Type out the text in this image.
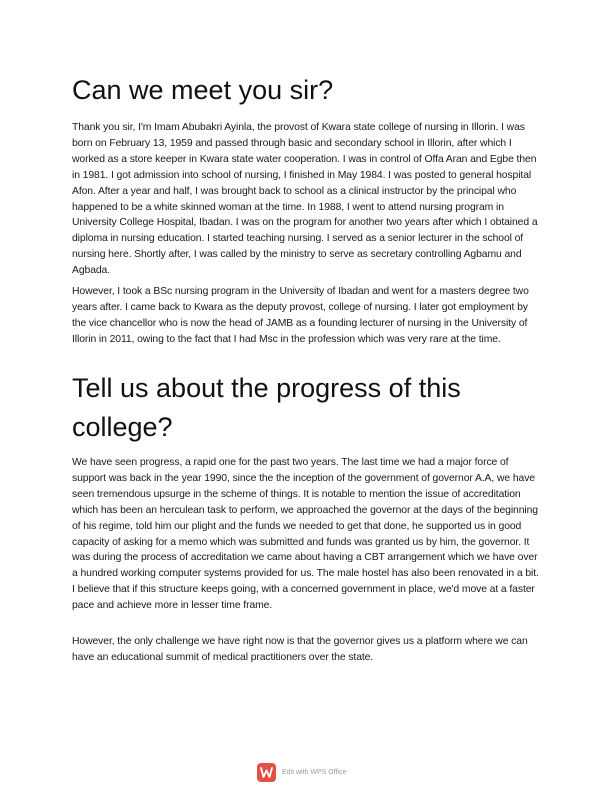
Can we meet you sir?

Thank you sir, I'm Imam Abubakri Ayinla, the provost of Kwara state college of nursing in Illorin. I was born on February 13, 1959 and passed through basic and secondary school in Illorin, after which I worked as a store keeper in Kwara state water cooperation. I was in control of Offa Aran and Egbe then in 1981. I got admission into school of nursing, I finished in May 1984. I was posted to general hospital Afon. After a year and half, I was brought back to school as a clinical instructor by the principal who happened to be a white skinned woman at the time. In 1988, I went to attend nursing program in University College Hospital, Ibadan. I was on the program for another two years after which I obtained a diploma in nursing education. I started teaching nursing. I served as a senior lecturer in the school of nursing here. Shortly after, I was called by the ministry to serve as secretary controlling Agbamu and Agbada.

However, I took a BSc nursing program in the University of Ibadan and went for a masters degree two years after. I came back to Kwara as the deputy provost, college of nursing. I later got employment by the vice chancellor who is now the head of JAMB as a founding lecturer of nursing in the University of Illorin in 2011, owing to the fact that I had Msc in the profession which was very rare at the time.

Tell us about the progress of this college?

We have seen progress, a rapid one for the past two years. The last time we had a major force of support was back in the year 1990, since the the inception of the government of governor A.A, we have seen tremendous upsurge in the scheme of things. It is notable to mention the issue of accreditation which has been an herculean task to perform, we approached the governor at the days of the beginning of his regime, told him our plight and the funds we needed to get that done, he supported us in good capacity of asking for a memo which was submitted and funds was granted us by him, the governor. It was during the process of accreditation we came about having a CBT arrangement which we have over a hundred working computer systems provided for us. The male hostel has also been renovated in a bit. I believe that if this structure keeps going, with a concerned government in place, we'd move at a faster pace and achieve more in lesser time frame.

However, the only challenge we have right now is that the governor gives us a platform where we can have an educational summit of medical practitioners over the state.

Edit with WPS Office
